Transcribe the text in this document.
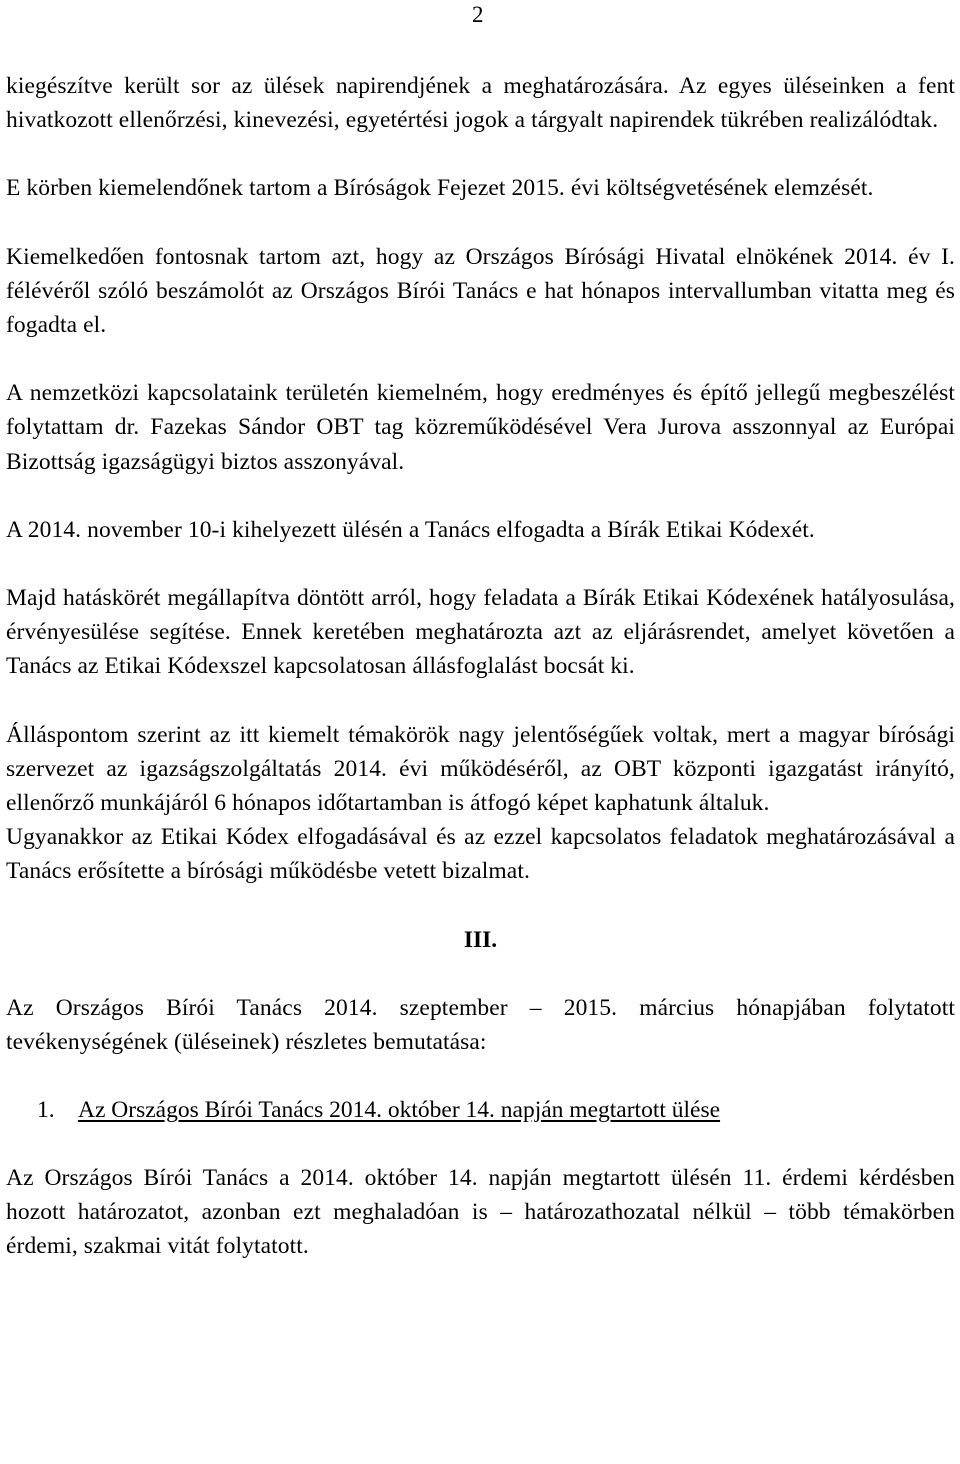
2

kiegészítve került sor az ülések napirendjének a meghatározására. Az egyes üléseinken a fent hivatkozott ellenőrzési, kinevezési, egyetértési jogok a tárgyalt napirendek tükrében realizálódtak.

E körben kiemelendőnek tartom a Bíróságok Fejezet 2015. évi költségvetésének elemzését.

Kiemelkedően fontosnak tartom azt, hogy az Országos Bírósági Hivatal elnökének 2014. év I. félévéről szóló beszámolót az Országos Bírói Tanács e hat hónapos intervallumban vitatta meg és fogadta el.

A nemzetközi kapcsolataink területén kiemelném, hogy eredményes és építő jellegű megbeszélést folytattam dr. Fazekas Sándor OBT tag közreműködésével Vera Jurova asszonnyal az Európai Bizottság igazságügyi biztos asszonyával.

A 2014. november 10-i kihelyezett ülésén a Tanács elfogadta a Bírák Etikai Kódexét.

Majd hatáskörét megállapítva döntött arról, hogy feladata a Bírák Etikai Kódexének hatályosulása, érvényesülése segítése. Ennek keretében meghatározta azt az eljárásrendet, amelyet követően a Tanács az Etikai Kódexszel kapcsolatosan állásfoglalást bocsát ki.

Álláspontom szerint az itt kiemelt témakörök nagy jelentőségűek voltak, mert a magyar bírósági szervezet az igazságszolgáltatás 2014. évi működéséről, az OBT központi igazgatást irányító, ellenőrző munkájáról 6 hónapos időtartamban is átfogó képet kaphatunk általuk.

Ugyanakkor az Etikai Kódex elfogadásával és az ezzel kapcsolatos feladatok meghatározásával a Tanács erősítette a bírósági működésbe vetett bizalmat.

III.

Az Országos Bírói Tanács 2014. szeptember – 2015. március hónapjában folytatott tevékenységének (üléseinek) részletes bemutatása:

1. Az Országos Bírói Tanács 2014. október 14. napján megtartott ülése

Az Országos Bírói Tanács a 2014. október 14. napján megtartott ülésén 11. érdemi kérdésben hozott határozatot, azonban ezt meghaladóan is – határozathozatal nélkül – több témakörben érdemi, szakmai vitát folytatott.
